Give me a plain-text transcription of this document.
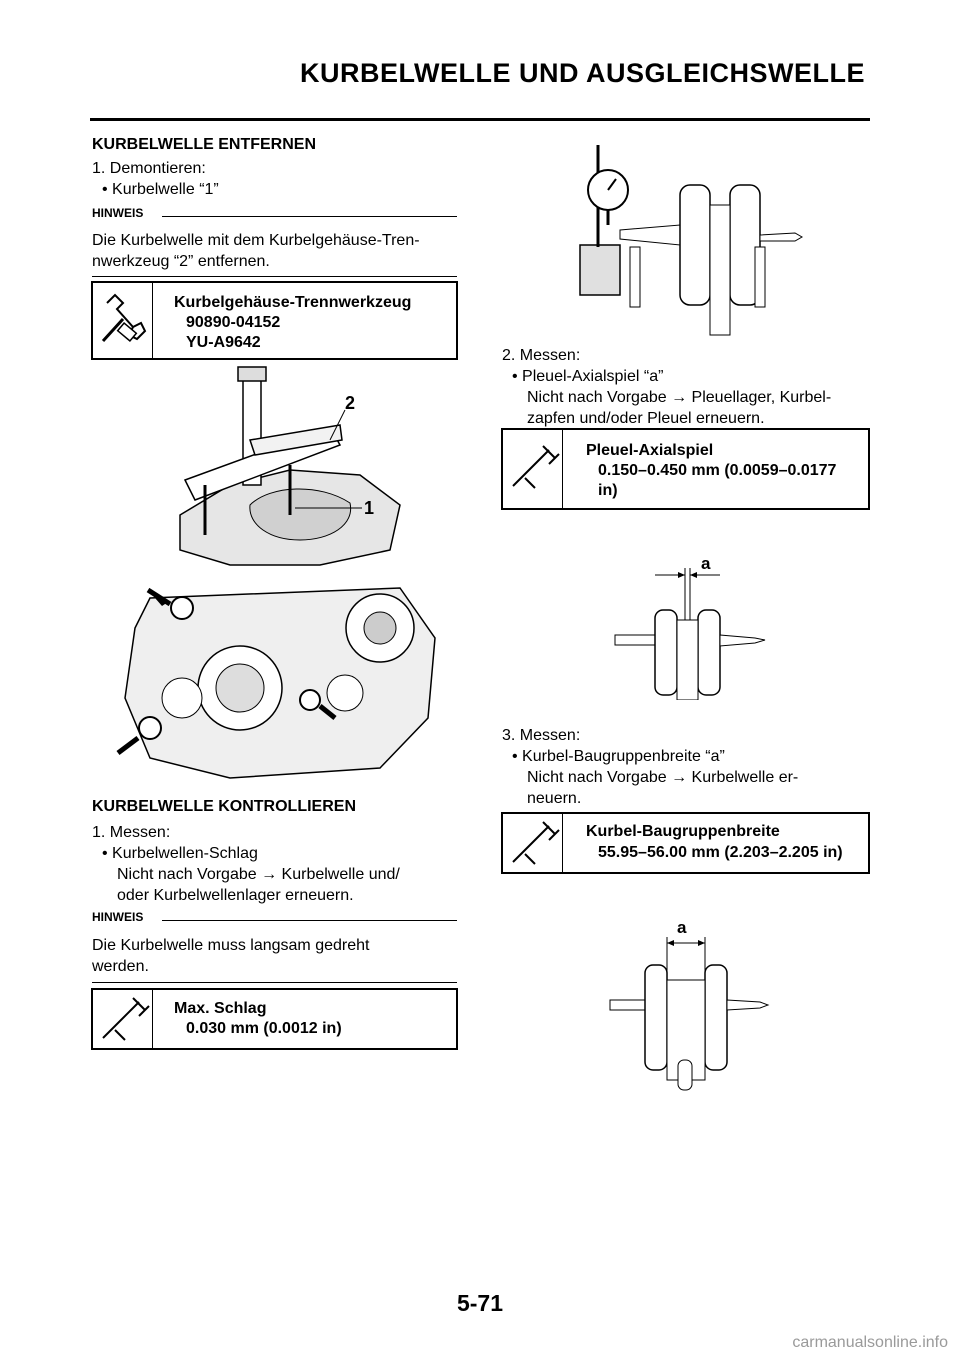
KURBELWELLE UND AUSGLEICHSWELLE
KURBELWELLE ENTFERNEN
1. Demontieren:
• Kurbelwelle “1”
HINWEIS
Die Kurbelwelle mit dem Kurbelgehäuse-Tren-
nwerkzeug “2” entfernen.
Kurbelgehäuse-Trennwerkzeug
90890-04152
YU-A9642
2
1
KURBELWELLE KONTROLLIEREN
1. Messen:
• Kurbelwellen-Schlag
Nicht nach Vorgabe → Kurbelwelle und/
oder Kurbelwellenlager erneuern.
HINWEIS
Die Kurbelwelle muss langsam gedreht
werden.
Max. Schlag
0.030 mm (0.0012 in)
2. Messen:
• Pleuel-Axialspiel “a”
Nicht nach Vorgabe → Pleuellager, Kurbel-
zapfen und/oder Pleuel erneuern.
Pleuel-Axialspiel
0.150–0.450 mm (0.0059–0.0177
in)
a
3. Messen:
• Kurbel-Baugruppenbreite “a”
Nicht nach Vorgabe → Kurbelwelle er-
neuern.
Kurbel-Baugruppenbreite
55.95–56.00 mm (2.203–2.205 in)
a
5-71
carmanualsonline.info
